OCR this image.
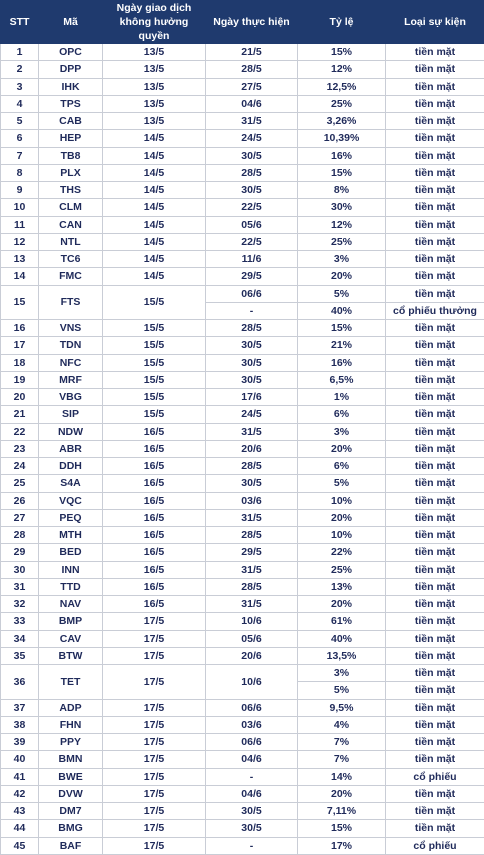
STT	Mã	Ngày giao dịch không hưởng quyền	Ngày thực hiện	Tỷ lệ	Loại sự kiện
1	OPC	13/5	21/5	15%	tiền mặt
2	DPP	13/5	28/5	12%	tiền mặt
3	IHK	13/5	27/5	12,5%	tiền mặt
4	TPS	13/5	04/6	25%	tiền mặt
5	CAB	13/5	31/5	3,26%	tiền mặt
6	HEP	14/5	24/5	10,39%	tiền mặt
7	TB8	14/5	30/5	16%	tiền mặt
8	PLX	14/5	28/5	15%	tiền mặt
9	THS	14/5	30/5	8%	tiền mặt
10	CLM	14/5	22/5	30%	tiền mặt
11	CAN	14/5	05/6	12%	tiền mặt
12	NTL	14/5	22/5	25%	tiền mặt
13	TC6	14/5	11/6	3%	tiền mặt
14	FMC	14/5	29/5	20%	tiền mặt
15	FTS	15/5	06/6	5%	tiền mặt
			-	40%	cổ phiếu thưởng
16	VNS	15/5	28/5	15%	tiền mặt
17	TDN	15/5	30/5	21%	tiền mặt
18	NFC	15/5	30/5	16%	tiền mặt
19	MRF	15/5	30/5	6,5%	tiền mặt
20	VBG	15/5	17/6	1%	tiền mặt
21	SIP	15/5	24/5	6%	tiền mặt
22	NDW	16/5	31/5	3%	tiền mặt
23	ABR	16/5	20/6	20%	tiền mặt
24	DDH	16/5	28/5	6%	tiền mặt
25	S4A	16/5	30/5	5%	tiền mặt
26	VQC	16/5	03/6	10%	tiền mặt
27	PEQ	16/5	31/5	20%	tiền mặt
28	MTH	16/5	28/5	10%	tiền mặt
29	BED	16/5	29/5	22%	tiền mặt
30	INN	16/5	31/5	25%	tiền mặt
31	TTD	16/5	28/5	13%	tiền mặt
32	NAV	16/5	31/5	20%	tiền mặt
33	BMP	17/5	10/6	61%	tiền mặt
34	CAV	17/5	05/6	40%	tiền mặt
35	BTW	17/5	20/6	13,5%	tiền mặt
36	TET	17/5	10/6	3%	tiền mặt
				5%	tiền mặt
37	ADP	17/5	06/6	9,5%	tiền mặt
38	FHN	17/5	03/6	4%	tiền mặt
39	PPY	17/5	06/6	7%	tiền mặt
40	BMN	17/5	04/6	7%	tiền mặt
41	BWE	17/5	-	14%	cổ phiếu
42	DVW	17/5	04/6	20%	tiền mặt
43	DM7	17/5	30/5	7,11%	tiền mặt
44	BMG	17/5	30/5	15%	tiền mặt
45	BAF	17/5	-	17%	cổ phiếu
